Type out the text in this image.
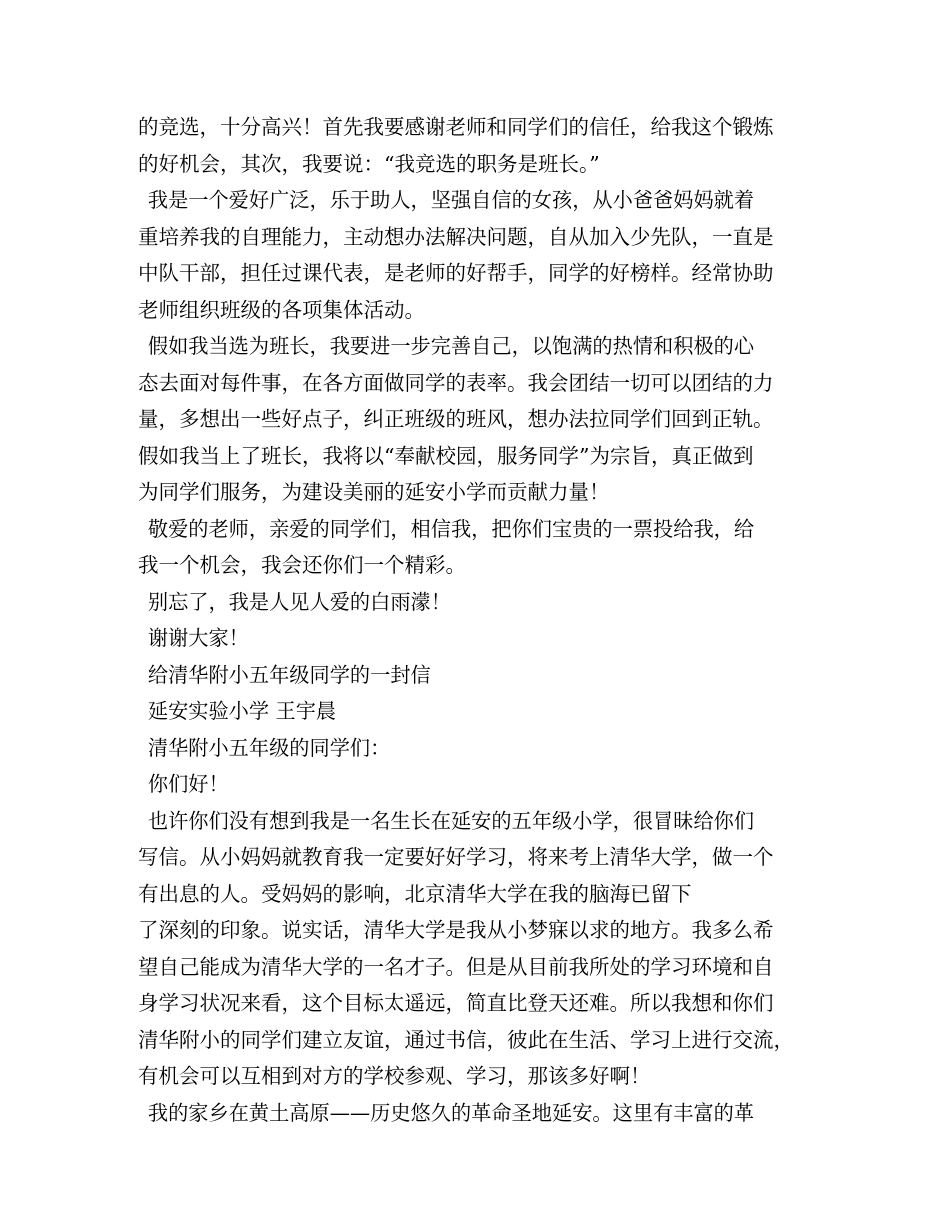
的竞选，十分高兴！首先我要感谢老师和同学们的信任，给我这个锻炼
的好机会，其次，我要说：“我竞选的职务是班长。”
我是一个爱好广泛，乐于助人，坚强自信的女孩，从小爸爸妈妈就着
重培养我的自理能力，主动想办法解决问题，自从加入少先队，一直是
中队干部，担任过课代表，是老师的好帮手，同学的好榜样。经常协助
老师组织班级的各项集体活动。
假如我当选为班长，我要进一步完善自己，以饱满的热情和积极的心
态去面对每件事，在各方面做同学的表率。我会团结一切可以团结的力
量，多想出一些好点子，纠正班级的班风，想办法拉同学们回到正轨。
假如我当上了班长，我将以“奉献校园，服务同学”为宗旨，真正做到
为同学们服务，为建设美丽的延安小学而贡献力量！
敬爱的老师，亲爱的同学们，相信我，把你们宝贵的一票投给我，给
我一个机会，我会还你们一个精彩。
别忘了，我是人见人爱的白雨濛！
谢谢大家！
给清华附小五年级同学的一封信
延安实验小学 王宇晨
清华附小五年级的同学们：
你们好！
也许你们没有想到我是一名生长在延安的五年级小学，很冒昧给你们
写信。从小妈妈就教育我一定要好好学习，将来考上清华大学，做一个
有出息的人。受妈妈的影响，北京清华大学在我的脑海已留下
了深刻的印象。说实话，清华大学是我从小梦寐以求的地方。我多么希
望自己能成为清华大学的一名才子。但是从目前我所处的学习环境和自
身学习状况来看，这个目标太遥远，简直比登天还难。所以我想和你们
清华附小的同学们建立友谊，通过书信，彼此在生活、学习上进行交流，
有机会可以互相到对方的学校参观、学习，那该多好啊！
我的家乡在黄土高原——历史悠久的革命圣地延安。这里有丰富的革
